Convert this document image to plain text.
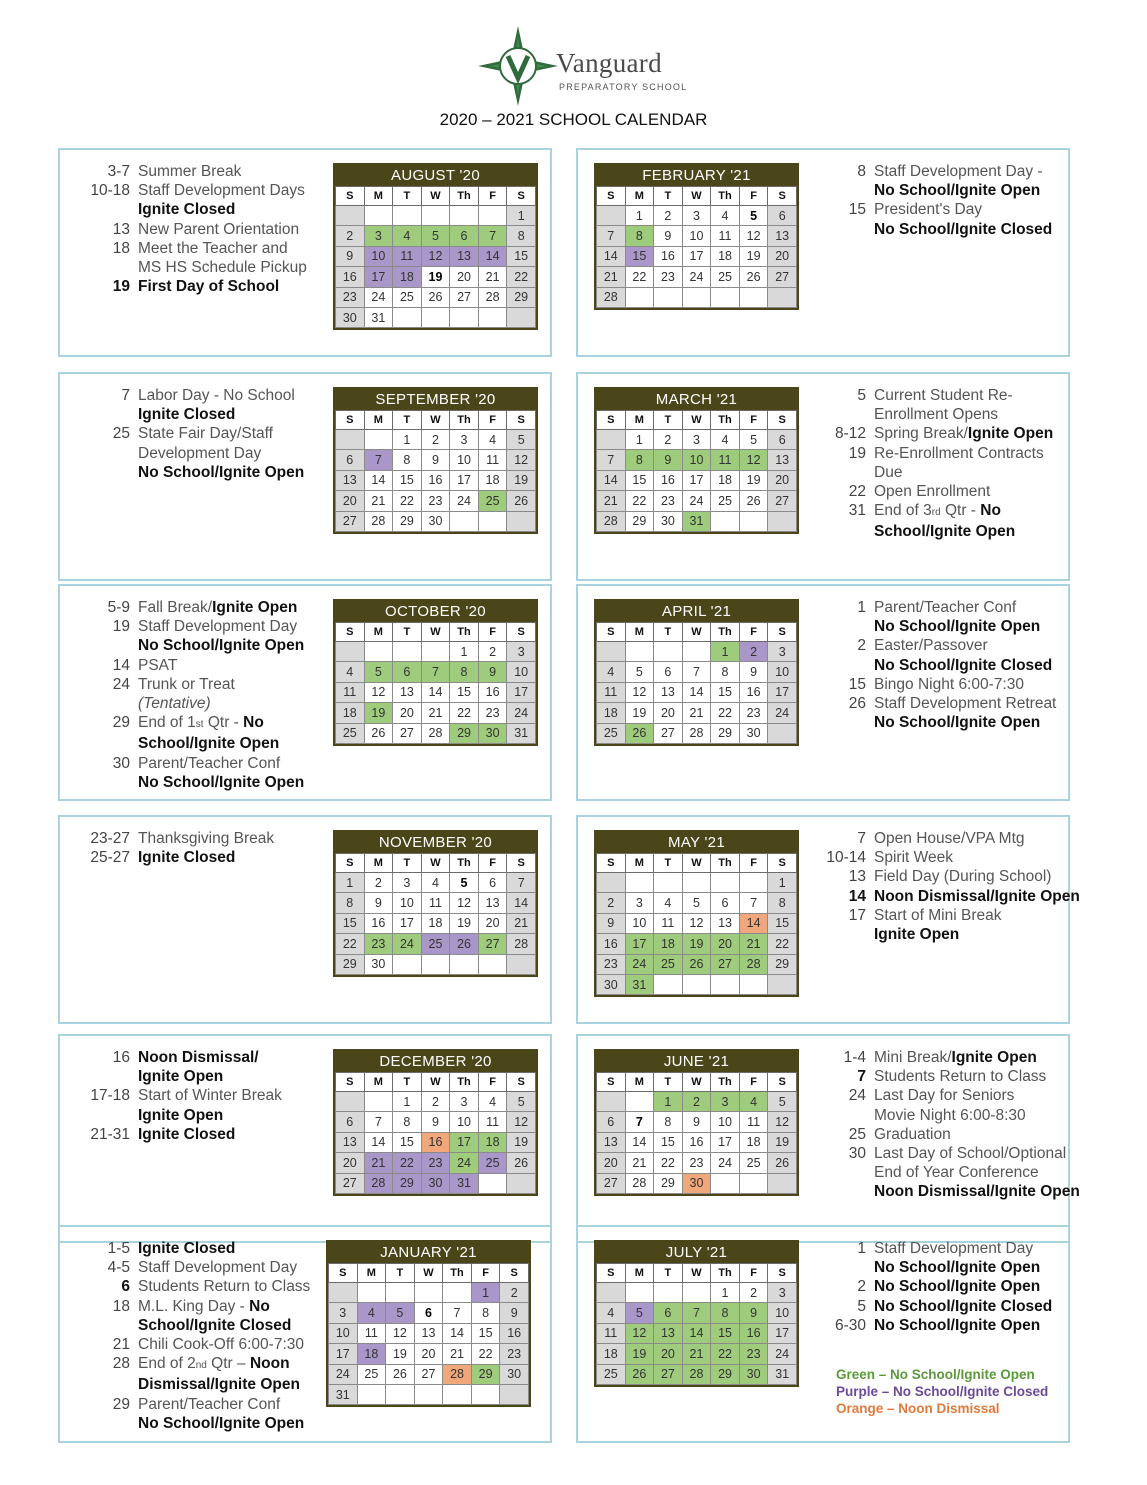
Vanguard
PREPARATORY SCHOOL
2020 – 2021 SCHOOL CALENDAR
3-7 Summer Break
10-18 Staff Development Days
Ignite Closed
13 New Parent Orientation
18 Meet the Teacher and
MS HS Schedule Pickup
19 First Day of School
AUGUST '20
S	M	T	W	Th	F	S
						1
2	3	4	5	6	7	8
9	10	11	12	13	14	15
16	17	18	19	20	21	22
23	24	25	26	27	28	29
30	31					
FEBRUARY '21
S	M	T	W	Th	F	S
	1	2	3	4	5	6
7	8	9	10	11	12	13
14	15	16	17	18	19	20
21	22	23	24	25	26	27
28						
8 Staff Development Day -
No School/Ignite Open
15 President's Day
No School/Ignite Closed
7 Labor Day - No School
Ignite Closed
25 State Fair Day/Staff
Development Day
No School/Ignite Open
SEPTEMBER '20
S	M	T	W	Th	F	S
		1	2	3	4	5
6	7	8	9	10	11	12
13	14	15	16	17	18	19
20	21	22	23	24	25	26
27	28	29	30			
MARCH '21
S	M	T	W	Th	F	S
	1	2	3	4	5	6
7	8	9	10	11	12	13
14	15	16	17	18	19	20
21	22	23	24	25	26	27
28	29	30	31			
5 Current Student Re-
Enrollment Opens
8-12 Spring Break/Ignite Open
19 Re-Enrollment Contracts
Due
22 Open Enrollment
31 End of 3rd Qtr - No
School/Ignite Open
5-9 Fall Break/Ignite Open
19 Staff Development Day
No School/Ignite Open
14 PSAT
24 Trunk or Treat
(Tentative)
29 End of 1st Qtr - No
School/Ignite Open
30 Parent/Teacher Conf
No School/Ignite Open
OCTOBER '20
S	M	T	W	Th	F	S
				1	2	3
4	5	6	7	8	9	10
11	12	13	14	15	16	17
18	19	20	21	22	23	24
25	26	27	28	29	30	31
APRIL '21
S	M	T	W	Th	F	S
				1	2	3
4	5	6	7	8	9	10
11	12	13	14	15	16	17
18	19	20	21	22	23	24
25	26	27	28	29	30	
1 Parent/Teacher Conf
No School/Ignite Open
2 Easter/Passover
No School/Ignite Closed
15 Bingo Night 6:00-7:30
26 Staff Development Retreat
No School/Ignite Open
23-27 Thanksgiving Break
25-27 Ignite Closed
NOVEMBER '20
S	M	T	W	Th	F	S
1	2	3	4	5	6	7
8	9	10	11	12	13	14
15	16	17	18	19	20	21
22	23	24	25	26	27	28
29	30					
MAY '21
S	M	T	W	Th	F	S
						1
2	3	4	5	6	7	8
9	10	11	12	13	14	15
16	17	18	19	20	21	22
23	24	25	26	27	28	29
30	31					
7 Open House/VPA Mtg
10-14 Spirit Week
13 Field Day (During School)
14 Noon Dismissal/Ignite Open
17 Start of Mini Break
Ignite Open
16 Noon Dismissal/
Ignite Open
17-18 Start of Winter Break
Ignite Open
21-31 Ignite Closed
DECEMBER '20
S	M	T	W	Th	F	S
		1	2	3	4	5
6	7	8	9	10	11	12
13	14	15	16	17	18	19
20	21	22	23	24	25	26
27	28	29	30	31		
JUNE '21
S	M	T	W	Th	F	S
		1	2	3	4	5
6	7	8	9	10	11	12
13	14	15	16	17	18	19
20	21	22	23	24	25	26
27	28	29	30			
1-4 Mini Break/Ignite Open
7 Students Return to Class
24 Last Day for Seniors
Movie Night 6:00-8:30
25 Graduation
30 Last Day of School/Optional
End of Year Conference
Noon Dismissal/Ignite Open
1-5 Ignite Closed
4-5 Staff Development Day
6 Students Return to Class
18 M.L. King Day - No
School/Ignite Closed
21 Chili Cook-Off 6:00-7:30
28 End of 2nd Qtr – Noon
Dismissal/Ignite Open
29 Parent/Teacher Conf
No School/Ignite Open
JANUARY '21
S	M	T	W	Th	F	S
					1	2
3	4	5	6	7	8	9
10	11	12	13	14	15	16
17	18	19	20	21	22	23
24	25	26	27	28	29	30
31						
JULY '21
S	M	T	W	Th	F	S
				1	2	3
4	5	6	7	8	9	10
11	12	13	14	15	16	17
18	19	20	21	22	23	24
25	26	27	28	29	30	31
1 Staff Development Day
No School/Ignite Open
2 No School/Ignite Open
5 No School/Ignite Closed
6-30 No School/Ignite Open
Green – No School/Ignite Open
Purple – No School/Ignite Closed
Orange – Noon Dismissal
